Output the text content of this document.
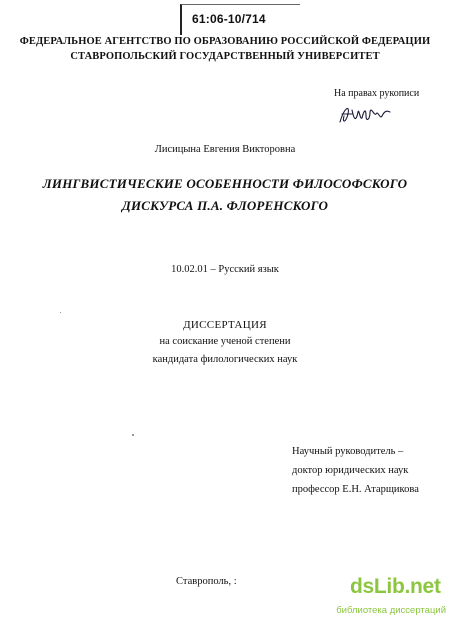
61:06-10/714
ФЕДЕРАЛЬНОЕ АГЕНТСТВО ПО ОБРАЗОВАНИЮ РОССИЙСКОЙ ФЕДЕРАЦИИ
СТАВРОПОЛЬСКИЙ ГОСУДАРСТВЕННЫЙ УНИВЕРСИТЕТ
На правах рукописи
Лисицына Евгения Викторовна
ЛИНГВИСТИЧЕСКИЕ ОСОБЕННОСТИ ФИЛОСОФСКОГО
ДИСКУРСА П.А. ФЛОРЕНСКОГО
10.02.01 – Русский язык
ДИССЕРТАЦИЯ
на соискание ученой степени
кандидата филологических наук
Научный руководитель –
доктор юридических наук
профессор Е.Н. Атарщикова
Ставрополь, :	dsLib.net
библиотека диссертаций
